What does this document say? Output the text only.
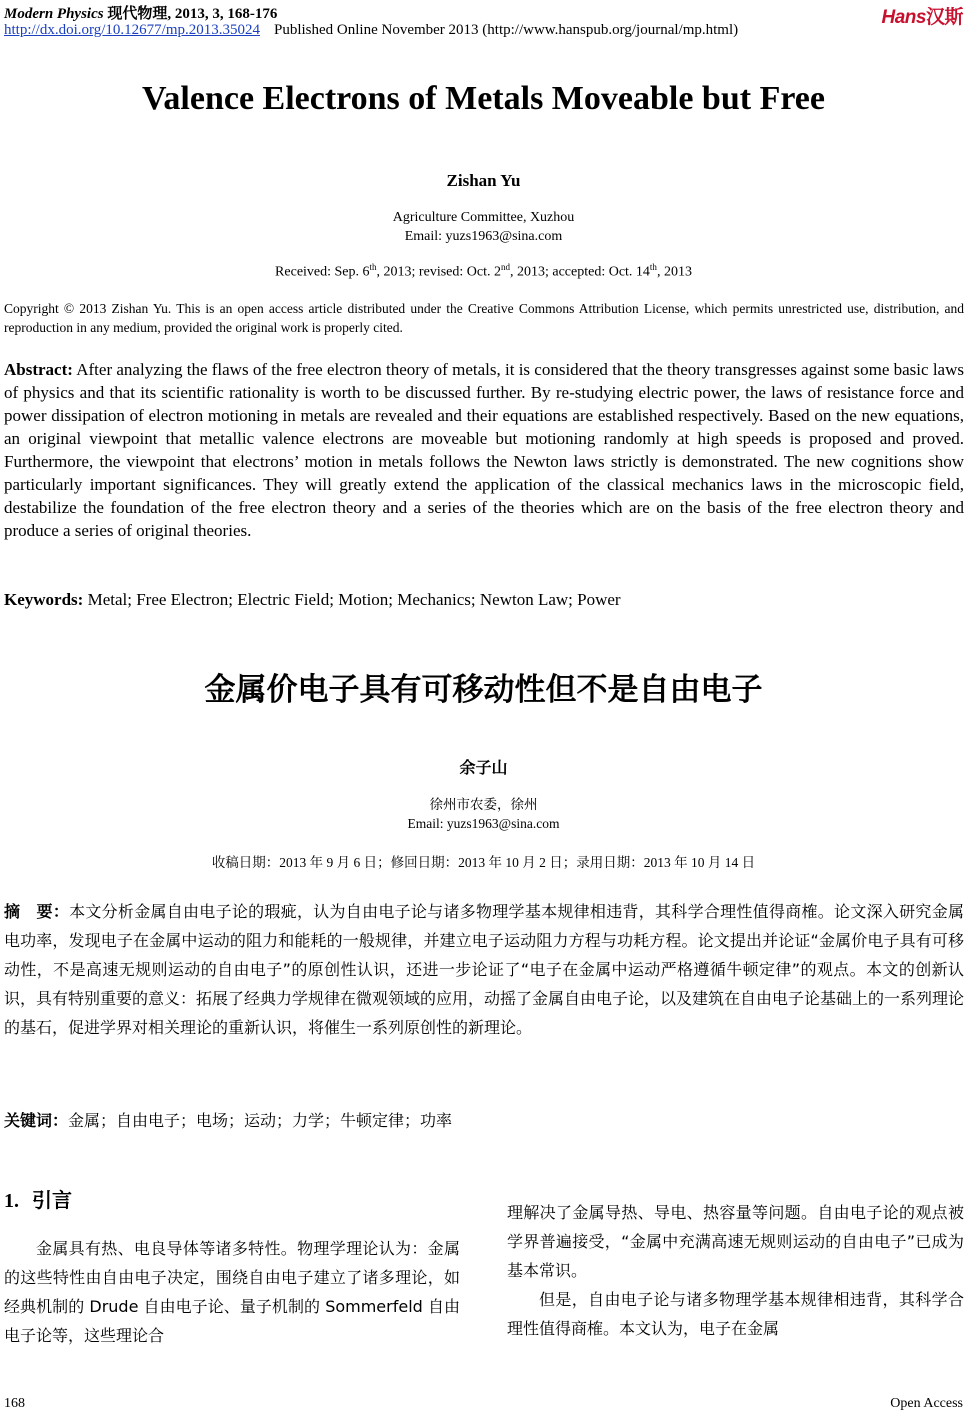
Modern Physics 现代物理, 2013, 3, 168-176
http://dx.doi.org/10.12677/mp.2013.35024 Published Online November 2013 (http://www.hanspub.org/journal/mp.html)
Hans汉斯
Valence Electrons of Metals Moveable but Free
Zishan Yu
Agriculture Committee, Xuzhou
Email: yuzs1963@sina.com
Received: Sep. 6th, 2013; revised: Oct. 2nd, 2013; accepted: Oct. 14th, 2013
Copyright © 2013 Zishan Yu. This is an open access article distributed under the Creative Commons Attribution License, which permits unrestricted use, distribution, and reproduction in any medium, provided the original work is properly cited.
Abstract: After analyzing the flaws of the free electron theory of metals, it is considered that the theory transgresses against some basic laws of physics and that its scientific rationality is worth to be discussed further. By re-studying electric power, the laws of resistance force and power dissipation of electron motioning in metals are revealed and their equations are established respectively. Based on the new equations, an original viewpoint that metallic valence electrons are moveable but motioning randomly at high speeds is proposed and proved. Furthermore, the viewpoint that electrons’ motion in metals follows the Newton laws strictly is demonstrated. The new cognitions show particularly important significances. They will greatly extend the application of the classical mechanics laws in the microscopic field, destabilize the foundation of the free electron theory and a series of the theories which are on the basis of the free electron theory and produce a series of original theories.
Keywords: Metal; Free Electron; Electric Field; Motion; Mechanics; Newton Law; Power
金属价电子具有可移动性但不是自由电子
余子山
徐州市农委，徐州
Email: yuzs1963@sina.com
收稿日期：2013 年 9 月 6 日；修回日期：2013 年 10 月 2 日；录用日期：2013 年 10 月 14 日
摘　要：本文分析金属自由电子论的瑕疵，认为自由电子论与诸多物理学基本规律相违背，其科学合理性值得商榷。论文深入研究金属电功率，发现电子在金属中运动的阻力和能耗的一般规律，并建立电子运动阻力方程与功耗方程。论文提出并论证“金属价电子具有可移动性，不是高速无规则运动的自由电子”的原创性认识，还进一步论证了“电子在金属中运动严格遵循牛顿定律”的观点。本文的创新认识，具有特别重要的意义：拓展了经典力学规律在微观领域的应用，动摇了金属自由电子论，以及建筑在自由电子论基础上的一系列理论的基石，促进学界对相关理论的重新认识，将催生一系列原创性的新理论。
关键词：金属；自由电子；电场；运动；力学；牛顿定律；功率
1. 引言

金属具有热、电良导体等诸多特性。物理学理论认为：金属的这些特性由自由电子决定，围绕自由电子建立了诸多理论，如经典机制的 Drude 自由电子论、量子机制的 Sommerfeld 自由电子论等，这些理论合

理解决了金属导热、导电、热容量等问题。自由电子论的观点被学界普遍接受，“金属中充满高速无规则运动的自由电子”已成为基本常识。

但是，自由电子论与诸多物理学基本规律相违背，其科学合理性值得商榷。本文认为，电子在金属

168	Open Access
